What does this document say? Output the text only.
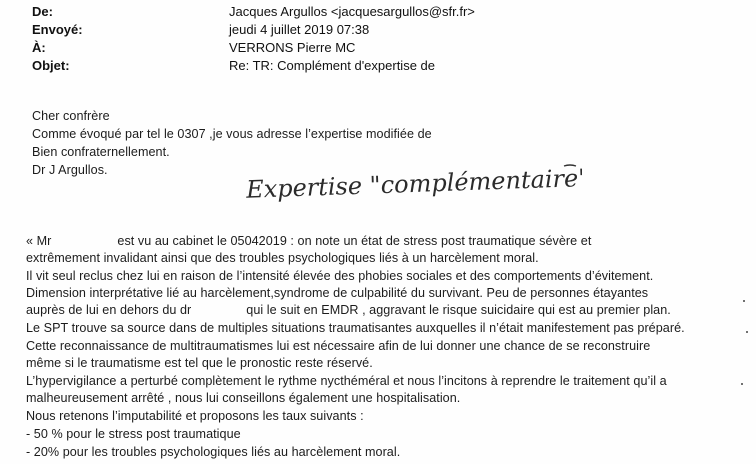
De:	Jacques Argullos <jacquesargullos@sfr.fr>
Envoyé:	jeudi 4 juillet 2019 07:38
À:	VERRONS Pierre MC
Objet:	Re: TR: Complément d'expertise de
Cher confrère
Comme évoqué par tel le 0307 ,je vous adresse l’expertise modifiée de
Bien confraternellement.
Dr J Argullos.	Expertise "complémentaire"
« Mr	est vu au cabinet le 05042019 : on note un état de stress post traumatique sévère et
extrêmement invalidant ainsi que des troubles psychologiques liés à un harcèlement moral.
Il vit seul reclus chez lui en raison de l’intensité élevée des phobies sociales et des comportements d’évitement.
Dimension interprétative lié au harcèlement,syndrome de culpabilité du survivant. Peu de personnes étayantes
auprès de lui en dehors du dr	qui le suit en EMDR , aggravant le risque suicidaire qui est au premier plan.
Le SPT trouve sa source dans de multiples situations traumatisantes auxquelles il n’était manifestement pas préparé.
Cette reconnaissance de multitraumatismes lui est nécessaire afin de lui donner une chance de se reconstruire
même si le traumatisme est tel que le pronostic reste réservé.
L’hypervigilance a perturbé complètement le rythme nycthéméral et nous l’incitons à reprendre le traitement qu’il a
malheureusement arrêté , nous lui conseillons également une hospitalisation.
Nous retenons l’imputabilité et proposons les taux suivants :
- 50 % pour le stress post traumatique
- 20% pour les troubles psychologiques liés au harcèlement moral.
